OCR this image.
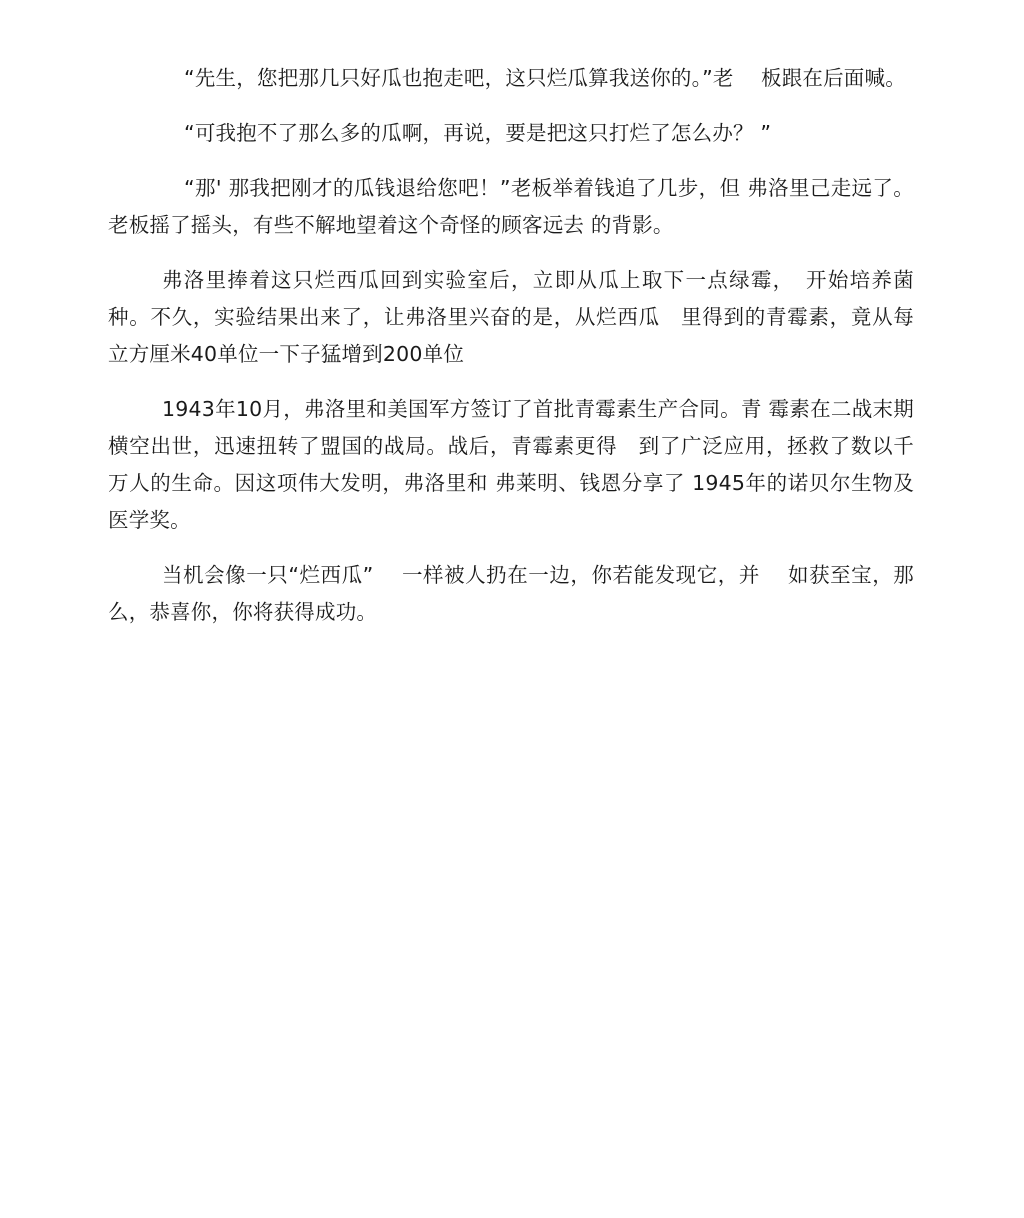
“先生，您把那几只好瓜也抱走吧，这只烂瓜算我送你的。”老　 板跟在后面喊。

“可我抱不了那么多的瓜啊，再说，要是把这只打烂了怎么办？ ”

“那' 那我把刚才的瓜钱退给您吧！”老板举着钱追了几步，但 弗洛里己走远了。老板摇了摇头，有些不解地望着这个奇怪的顾客远去 的背影。

弗洛里捧着这只烂西瓜回到实验室后，立即从瓜上取下一点绿霉，　开始培养菌种。不久，实验结果出来了，让弗洛里兴奋的是，从烂西瓜　里得到的青霉素，竟从每立方厘米40单位一下子猛增到200单位

1943年10月，弗洛里和美国军方签订了首批青霉素生产合同。青 霉素在二战末期横空出世，迅速扭转了盟国的战局。战后，青霉素更得　到了广泛应用，拯救了数以千万人的生命。因这项伟大发明，弗洛里和 弗莱明、钱恩分享了 1945年的诺贝尔生物及医学奖。

当机会像一只“烂西瓜”　 一样被人扔在一边，你若能发现它，并　 如获至宝，那么，恭喜你，你将获得成功。
